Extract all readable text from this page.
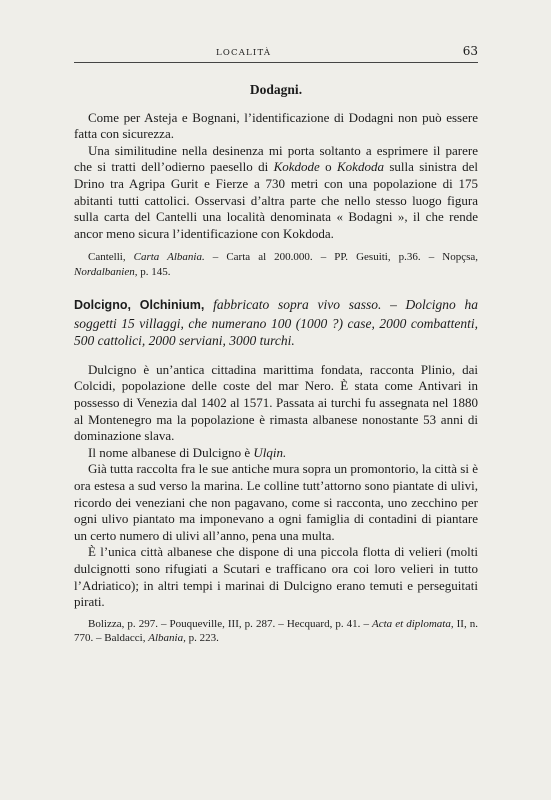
LOCALITÀ	63
Dodagni.

Come per Asteja e Bognani, l’identificazione di Dodagni non può essere fatta con sicurezza.

Una similitudine nella desinenza mi porta soltanto a esprimere il parere che si tratti dell’odierno paesello di Kokdode o Kokdoda sulla sinistra del Drino tra Agripa Gurit e Fierze a 730 metri con una popolazione di 175 abitanti tutti cattolici. Osservasi d’altra parte che nello stesso luogo figura sulla carta del Cantelli una località denominata « Bodagni », il che rende ancor meno sicura l’identificazione con Kokdoda.

Cantelli, Carta Albania. – Carta al 200.000. – PP. Gesuiti, p.36. – Nopçsa, Nordalbanien, p. 145.

Dolcigno, Olchinium, fabbricato sopra vivo sasso. – Dolcigno ha soggetti 15 villaggi, che numerano 100 (1000 ?) case, 2000 combattenti, 500 cattolici, 2000 serviani, 3000 turchi.

Dulcigno è un’antica cittadina marittima fondata, racconta Plinio, dai Colcidi, popolazione delle coste del mar Nero. È stata come Antivari in possesso di Venezia dal 1402 al 1571. Passata ai turchi fu assegnata nel 1880 al Montenegro ma la popolazione è rimasta albanese nonostante 53 anni di dominazione slava.

Il nome albanese di Dulcigno è Ulqin.

Già tutta raccolta fra le sue antiche mura sopra un promontorio, la città si è ora estesa a sud verso la marina. Le colline tutt’attorno sono piantate di ulivi, ricordo dei veneziani che non pagavano, come si racconta, uno zecchino per ogni ulivo piantato ma imponevano a ogni famiglia di contadini di piantare un certo numero di ulivi all’anno, pena una multa.

È l’unica città albanese che dispone di una piccola flotta di velieri (molti dulcignotti sono rifugiati a Scutari e trafficano ora coi loro velieri in tutto l’Adriatico); in altri tempi i marinai di Dulcigno erano temuti e perseguitati pirati.

Bolizza, p. 297. – Pouqueville, III, p. 287. – Hecquard, p. 41. – Acta et diplomata, II, n. 770. – Baldacci, Albania, p. 223.
